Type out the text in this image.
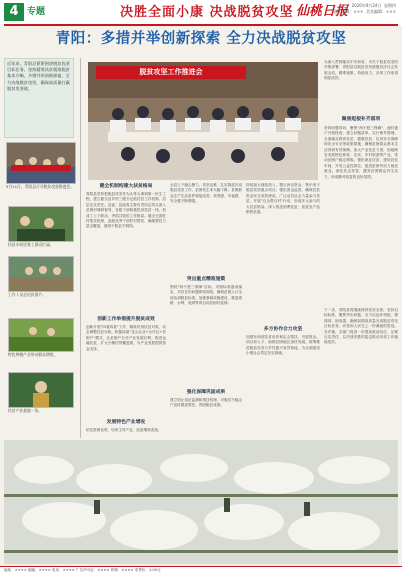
4 专题	决胜全面小康 决战脱贫攻坚 仙桃日报 2020年9月24日  星期四
责任编辑：×××  美术编辑：×××
青阳：多措并举创新探索 全力决战脱贫攻坚
近年来，青阳县紧紧围绕脱贫攻坚目标任务，坚持精准扶贫精准脱贫基本方略，多措并举创新探索，全力决战脱贫攻坚，确保高质量打赢脱贫攻坚战。
5月11日，青阳县召开脱贫攻坚推进会。
扶贫车间里务工群众忙碌。
工作人员走访贫困户。
特色种植产业带动群众增收。
扶贫产业基地一角。
脱贫攻坚工作推进会
为深入贯彻落实中央和省、市关于脱贫攻坚的决策部署，青阳县以脱贫攻坚统揽经济社会发展全局，精准施策，持续用力，各项工作取得明显成效。
聚焦短板补齐弱项
坚持问题导向，聚焦"两不愁三保障"，逐村逐户开展排查，建立问题清单，实行销号管理。全面落实教育扶贫、健康扶贫、住房安全保障和饮水安全等政策措施，确保贫困群众基本生活得到有效保障。加大产业扶贫力度，因地制宜发展特色种养、光伏、乡村旅游等产业，带动贫困户稳定增收。强化就业扶贫，建设扶贫车间，开发公益性岗位，促进贫困劳动力就近就业。深化扶志扶智，激发贫困群众内生动力，形成勤劳致富的良好氛围。
健全机制构建大扶贫格局
青阳县坚持把脱贫攻坚作为头等大事和第一民生工程，建立健全县乡村三级书记抓扶贫工作机制，层层压实责任。县委、县政府主要负责同志带头深入贫困村调研督导，各级干部积极投身扶贫一线，形成了上下联动、齐抓共管的工作格局。健全完善驻村帮扶机制，选派优秀干部驻村帮扶，确保帮扶力量全覆盖，做到不脱贫不脱钩。
创新工作举措提升脱贫成效
创新开展"四看四查"工作，精准识别扶贫对象，动态调整扶贫台账。积极探索"龙头企业+合作社+贫困户"模式，让贫困户分享产业发展红利。推进金融扶贫，扩大小额信贷覆盖面，为产业发展提供资金支持。
发展特色产业增收
依托资源优势，培育主导产业，拓宽增收渠道。
全县上下凝心聚力、攻坚克难，扎实推进各项脱贫攻坚工作，贫困发生率大幅下降，贫困群众生产生活条件明显改善，获得感、幸福感、安全感不断增强。
突出重点精准施策
围绕"两不愁三保障"目标，对照标准逐项落实，对存在的问题即知即改，确保贫困人口全部达到脱贫标准。加强基础设施建设，推进道路、水利、电网等项目向贫困村延伸。
强化保障巩固成果
建立防止返贫监测和帮扶机制，对脱贫不稳定户及时跟进帮扶，巩固脱贫成果。
持续加大财政投入，整合涉农资金，集中用于脱贫攻坚重点项目。强化资金监管，确保扶贫资金安全高效使用。广泛动员社会力量参与扶贫，开展"百企帮百村"行动，形成多元参与的大扶贫格局。深入推进消费扶贫，拓宽农产品销售渠道。
多方协作合力攻坚
加强东西部扶贫协作和定点帮扶，引进资金、项目和人才，助推贫困地区加快发展。统筹推进脱贫攻坚与乡村振兴有效衔接，为全面建成小康社会奠定坚实基础。
下一步，青阳县将继续保持攻坚态势，坚持目标标准，聚焦突出问题，全力以赴补短板、强弱项、固成果，确保如期高质量完成脱贫攻坚目标任务，向党和人民交上一份满意的答卷。各乡镇、各部门将进一步提高政治站位，压紧压实责任，以决战决胜的姿态推动各项工作落地见效。
地址：×××× 邮编：×××× 电话：×××× 广告许可证：×××× 印刷：×××× 零售价：1.00元
